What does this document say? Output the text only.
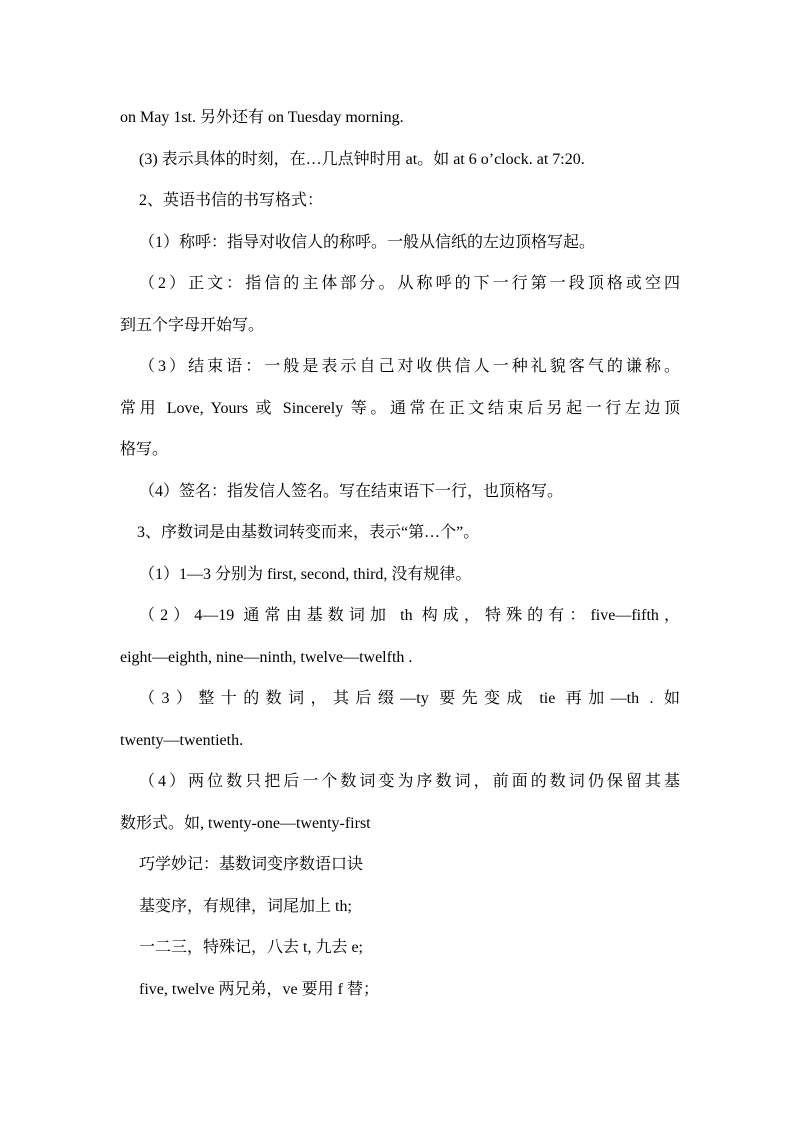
on May 1st. 另外还有 on Tuesday morning.
(3) 表示具体的时刻，在…几点钟时用 at。如 at 6 o’clock. at 7:20.
2、英语书信的书写格式：
（1）称呼：指导对收信人的称呼。一般从信纸的左边顶格写起。
（2）正文：指信的主体部分。从称呼的下一行第一段顶格或空四
到五个字母开始写。
（3）结束语：一般是表示自己对收供信人一种礼貌客气的谦称。
常用 Love, Yours 或 Sincerely 等。通常在正文结束后另起一行左边顶
格写。
（4）签名：指发信人签名。写在结束语下一行，也顶格写。
3、序数词是由基数词转变而来，表示“第…个”。
（1）1—3 分别为 first, second, third, 没有规律。
（2）4—19 通常由基数词加 th 构成，特殊的有：five—fifth，
eight—eighth, nine—ninth, twelve—twelfth .
（3）整十的数词，其后缀—ty 要先变成 tie 再加—th . 如
twenty—twentieth.
（4）两位数只把后一个数词变为序数词，前面的数词仍保留其基
数形式。如, twenty-one—twenty-first
巧学妙记：基数词变序数语口诀
基变序，有规律，词尾加上 th;
一二三，特殊记，八去 t, 九去 e;
five, twelve 两兄弟，ve 要用 f 替；
